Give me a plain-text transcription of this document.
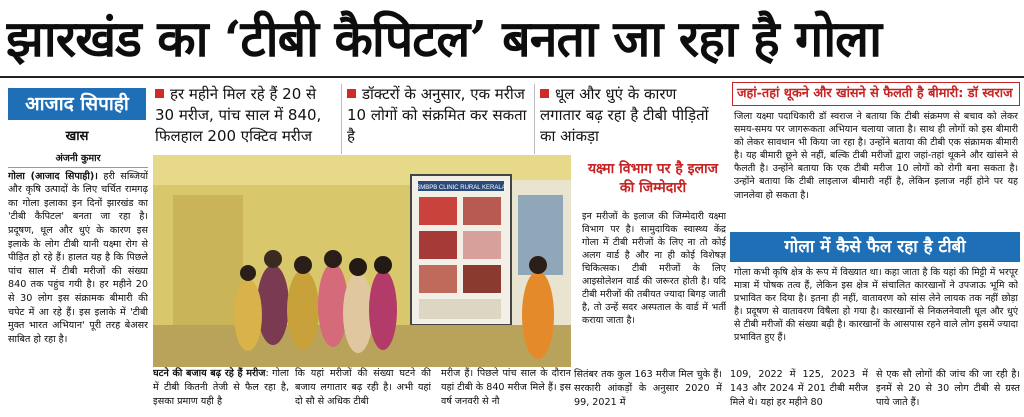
झारखंड का ‘टीबी कैपिटल’ बनता जा रहा है गोला
आजाद सिपाही
खास
हर महीने मिल रहे हैं 20 से 30 मरीज, पांच साल में 840, फिलहाल 200 एक्टिव मरीज
डॉक्टरों के अनुसार, एक मरीज 10 लोगों को संक्रमित कर सकता है
धूल और धुएं के कारण लगातार बढ़ रहा है टीबी पीड़ितों का आंकड़ा
अंजनी कुमार

गोला (आजाद सिपाही)। हरी सब्जियों और कृषि उत्पादों के लिए चर्चित रामगढ़ का गोला इलाका इन दिनों झारखंड का 'टीबी कैपिटल' बनता जा रहा है। प्रदूषण, धूल और धुएं के कारण इस इलाके के लोग टीबी यानी यक्ष्मा रोग से पीड़ित हो रहे हैं। हालत यह है कि पिछले पांच साल में टीबी मरीजों की संख्या 840 तक पहुंच गयी है। हर महीने 20 से 30 लोग इस संक्रामक बीमारी की चपेट में आ रहे हैं। इस इलाके में 'टीबी मुक्त भारत अभियान' पूरी तरह बेअसर साबित हो रहा है।

SMBPB CLINIC RURAL KERALA
घटने की बजाय बढ़ रहे हैं मरीज: गोला में टीबी कितनी तेजी से फैल रहा है, इसका प्रमाण यही है
कि यहां मरीजों की संख्या घटने की बजाय लगातार बढ़ रही है। अभी यहां दो सौ से अधिक टीबी
मरीज हैं। पिछले पांच साल के दौरान यहां टीबी के 840 मरीज मिले हैं। इस वर्ष जनवरी से नौ
यक्ष्मा विभाग पर है इलाज की जिम्मेदारी
इन मरीजों के इलाज की जिम्मेदारी यक्ष्मा विभाग पर है। सामुदायिक स्वास्थ्य केंद्र गोला में टीबी मरीजों के लिए ना तो कोई अलग वार्ड है और ना ही कोई विशेषज्ञ चिकित्सक। टीबी मरीजों के लिए आइसोलेशन वार्ड की जरूरत होती है। यदि टीबी मरीजों की तबीयत ज्यादा बिगड़ जाती है, तो उन्हें सदर अस्पताल के वार्ड में भर्ती कराया जाता है।
सितंबर तक कुल 163 मरीज मिल चुके हैं। सरकारी आंकड़ों के अनुसार 2020 में 99, 2021 में
109, 2022 में 125, 2023 में 143 और 2024 में 201 टीबी मरीज मिले थे। यहां हर महीने 80
से एक सौ लोगों की जांच की जा रही है। इनमें से 20 से 30 लोग टीबी से ग्रस्त पाये जाते हैं।
जहां-तहां थूकने और खांसने से फैलती है बीमारी: डॉ स्वराज
जिला यक्ष्मा पदाधिकारी डॉ स्वराज ने बताया कि टीबी संक्रमण से बचाव को लेकर समय-समय पर जागरूकता अभियान चलाया जाता है। साथ ही लोगों को इस बीमारी को लेकर सावधान भी किया जा रहा है। उन्होंने बताया की टीबी एक संक्रामक बीमारी है। यह बीमारी छूने से नहीं, बल्कि टीबी मरीजों द्वारा जहां-तहां थूकने और खांसने से फैलती है। उन्होंने बताया कि एक टीबी मरीज 10 लोगों को रोगी बना सकता है। उन्होंने बताया कि टीबी लाइलाज बीमारी नहीं है, लेकिन इलाज नहीं होने पर यह जानलेवा हो सकता है।
गोला में कैसे फैल रहा है टीबी
गोला कभी कृषि क्षेत्र के रूप में विख्यात था। कहा जाता है कि यहां की मिट्टी में भरपूर मात्रा में पोषक तत्व हैं, लेकिन इस क्षेत्र में संचालित कारखानों ने उपजाऊ भूमि को प्रभावित कर दिया है। इतना ही नहीं, वातावरण को सांस लेने लायक तक नहीं छोड़ा है। प्रदूषण से वातावरण विषैला हो गया है। कारखानों से निकलनेवाली धूल और धुएं से टीबी मरीजों की संख्या बढ़ी है। कारखानों के आसपास रहने वाले लोग इसमें ज्यादा प्रभावित हुए हैं।
